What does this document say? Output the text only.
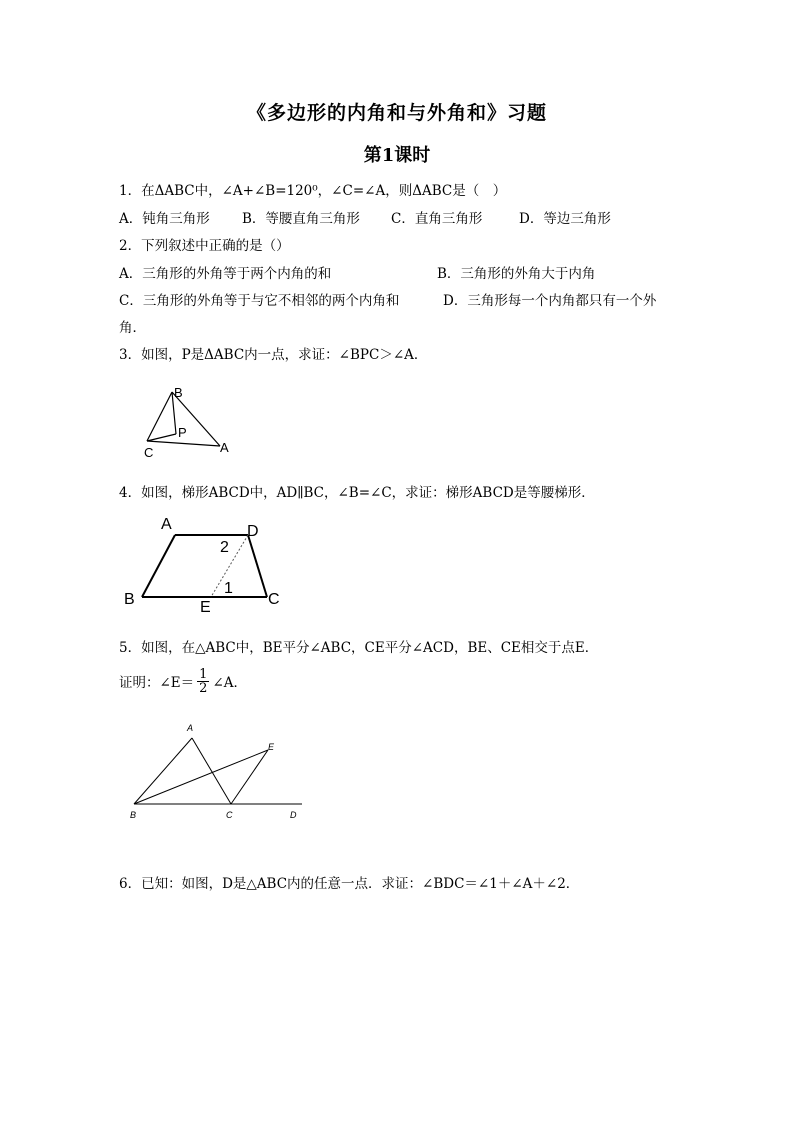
《多边形的内角和与外角和》习题
第1课时
1．在ΔABC中，∠A+∠B=120⁰，∠C=∠A，则ΔABC是（　）
A．钝角三角形 B．等腰直角三角形 C．直角三角形	D．等边三角形
2．下列叙述中正确的是（）
A．三角形的外角等于两个内角的和	B．三角形的外角大于内角
C．三角形的外角等于与它不相邻的两个内角和	D．三角形每一个内角都只有一个外
角．
3．如图，P是ΔABC内一点，求证：∠BPC＞∠A．
B
P
C	A
4．如图，梯形ABCD中，AD∥BC，∠B=∠C，求证：梯形ABCD是等腰梯形．
A	D
2
1
B	E	C
5．如图，在△ABC中，BE平分∠ABC，CE平分∠ACD，BE、CE相交于点E．
证明：∠E＝ $\frac{1}{2}$ ∠A．
A
E
B	C	D
6．已知：如图，D是△ABC内的任意一点．求证：∠BDC＝∠1＋∠A＋∠2．
